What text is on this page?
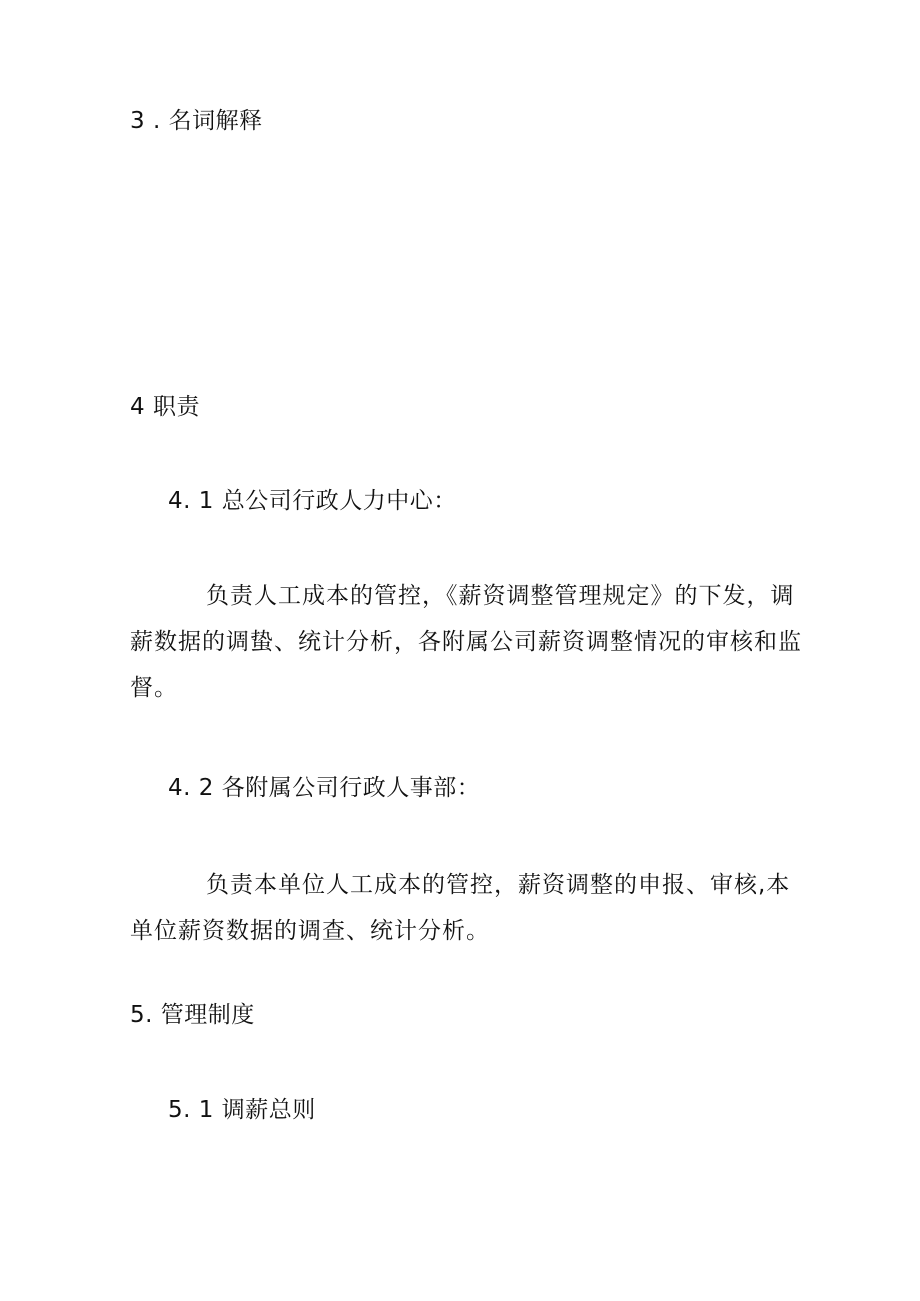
3 . 名词解释
4 职责
4. 1 总公司行政人力中心：
负责人工成本的管控，《薪资调整管理规定》的下发，调
薪数据的调蛰、统计分析，各附属公司薪资调整情况的审核和监
督。
4. 2 各附属公司行政人事部：
负责本单位人工成本的管控，薪资调整的申报、审核,本
单位薪资数据的调查、统计分析。
5. 管理制度
5. 1 调薪总则
